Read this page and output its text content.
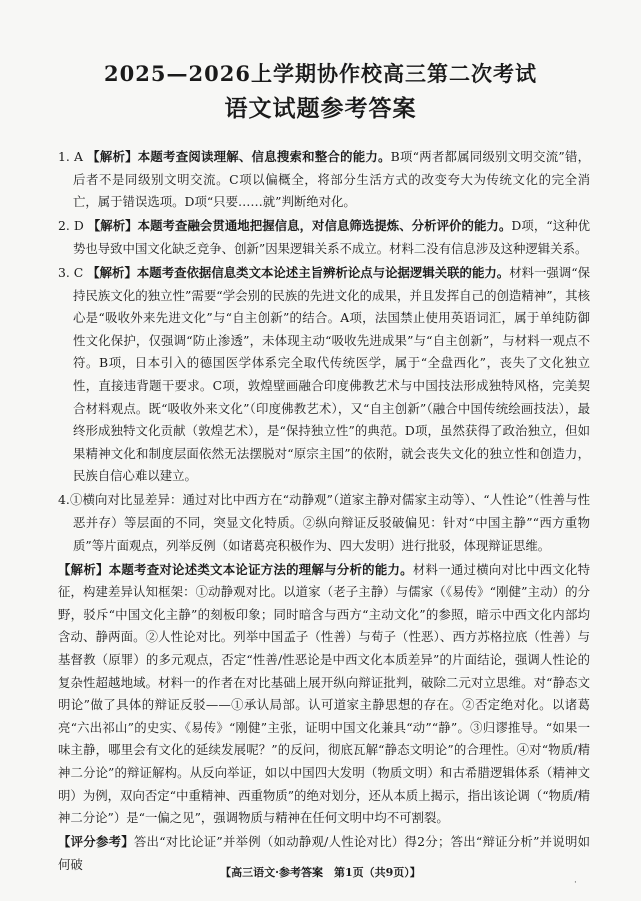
2025—2026上学期协作校高三第二次考试
语文试题参考答案

1. A 【解析】本题考查阅读理解、信息搜索和整合的能力。B项“两者都属同级别文明交流”错，后者不是同级别文明交流。C项以偏概全，将部分生活方式的改变夸大为传统文化的完全消亡，属于错误选项。D项“只要……就”判断绝对化。

2. D 【解析】本题考查融会贯通地把握信息，对信息筛选提炼、分析评价的能力。D项，“这种优势也导致中国文化缺乏竞争、创新”因果逻辑关系不成立。材料二没有信息涉及这种逻辑关系。

3. C 【解析】本题考查依据信息类文本论述主旨辨析论点与论据逻辑关联的能力。材料一强调“保持民族文化的独立性”需要“学会别的民族的先进文化的成果，并且发挥自己的创造精神”，其核心是“吸收外来先进文化”与“自主创新”的结合。A项，法国禁止使用英语词汇，属于单纯防御性文化保护，仅强调“防止渗透”，未体现主动“吸收先进成果”与“自主创新”，与材料一观点不符。B项，日本引入的德国医学体系完全取代传统医学，属于“全盘西化”，丧失了文化独立性，直接违背题干要求。C项，敦煌壁画融合印度佛教艺术与中国技法形成独特风格，完美契合材料观点。既“吸收外来文化”（印度佛教艺术），又“自主创新”（融合中国传统绘画技法），最终形成独特文化贡献（敦煌艺术），是“保持独立性”的典范。D项，虽然获得了政治独立，但如果精神文化和制度层面依然无法摆脱对“原宗主国”的依附，就会丧失文化的独立性和创造力，民族自信心难以建立。

4.①横向对比显差异：通过对比中西方在“动静观”（道家主静对儒家主动等）、“人性论”（性善与性恶并存）等层面的不同，突显文化特质。②纵向辩证反驳破偏见：针对“中国主静”“西方重物质”等片面观点，列举反例（如诸葛亮积极作为、四大发明）进行批驳，体现辩证思维。

【解析】本题考查对论述类文本论证方法的理解与分析的能力。材料一通过横向对比中西文化特征，构建差异认知框架：①动静观对比。以道家（老子主静）与儒家（《易传》“刚健”主动）的分野，驳斥“中国文化主静”的刻板印象；同时暗含与西方“主动文化”的参照，暗示中西文化内部均含动、静两面。②人性论对比。列举中国孟子（性善）与荀子（性恶）、西方苏格拉底（性善）与基督教（原罪）的多元观点，否定“性善/性恶论是中西文化本质差异”的片面结论，强调人性论的复杂性超越地域。材料一的作者在对比基础上展开纵向辩证批判，破除二元对立思维。对“静态文明论”做了具体的辩证反驳——①承认局部。认可道家主静思想的存在。②否定绝对化。以诸葛亮“六出祁山”的史实、《易传》“刚健”主张，证明中国文化兼具“动”“静”。③归谬推导。“如果一味主静，哪里会有文化的延续发展呢？”的反问，彻底瓦解“静态文明论”的合理性。④对“物质/精神二分论”的辩证解构。从反向举证，如以中国四大发明（物质文明）和古希腊逻辑体系（精神文明）为例，双向否定“中重精神、西重物质”的绝对划分，还从本质上揭示，指出该论调（“物质/精神二分论”）是“一偏之见”，强调物质与精神在任何文明中均不可割裂。

【评分参考】答出“对比论证”并举例（如动静观/人性论对比）得2分；答出“辩证分析”并说明如何破

【高三语文·参考答案　第1页（共9页）】
·
